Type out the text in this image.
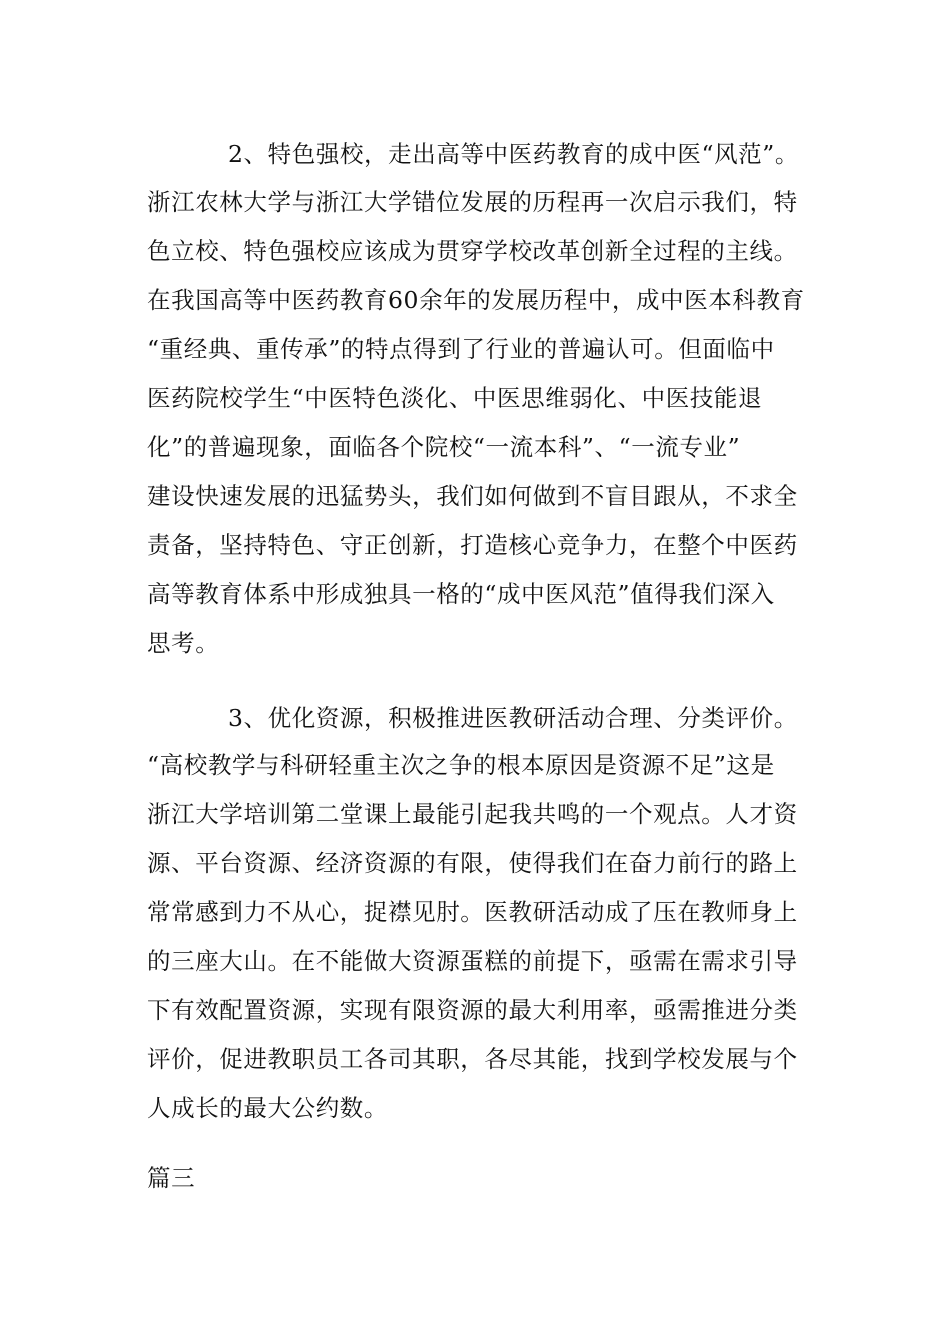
2、特色强校，走出高等中医药教育的成中医“风范”。
浙江农林大学与浙江大学错位发展的历程再一次启示我们，特
色立校、特色强校应该成为贯穿学校改革创新全过程的主线。
在我国高等中医药教育60余年的发展历程中，成中医本科教育
“重经典、重传承”的特点得到了行业的普遍认可。但面临中
医药院校学生“中医特色淡化、中医思维弱化、中医技能退
化”的普遍现象，面临各个院校“一流本科”、“一流专业”
建设快速发展的迅猛势头，我们如何做到不盲目跟从，不求全
责备，坚持特色、守正创新，打造核心竞争力，在整个中医药
高等教育体系中形成独具一格的“成中医风范”值得我们深入
思考。
3、优化资源，积极推进医教研活动合理、分类评价。
“高校教学与科研轻重主次之争的根本原因是资源不足”这是
浙江大学培训第二堂课上最能引起我共鸣的一个观点。人才资
源、平台资源、经济资源的有限，使得我们在奋力前行的路上
常常感到力不从心，捉襟见肘。医教研活动成了压在教师身上
的三座大山。在不能做大资源蛋糕的前提下，亟需在需求引导
下有效配置资源，实现有限资源的最大利用率，亟需推进分类
评价，促进教职员工各司其职，各尽其能，找到学校发展与个
人成长的最大公约数。
篇三
